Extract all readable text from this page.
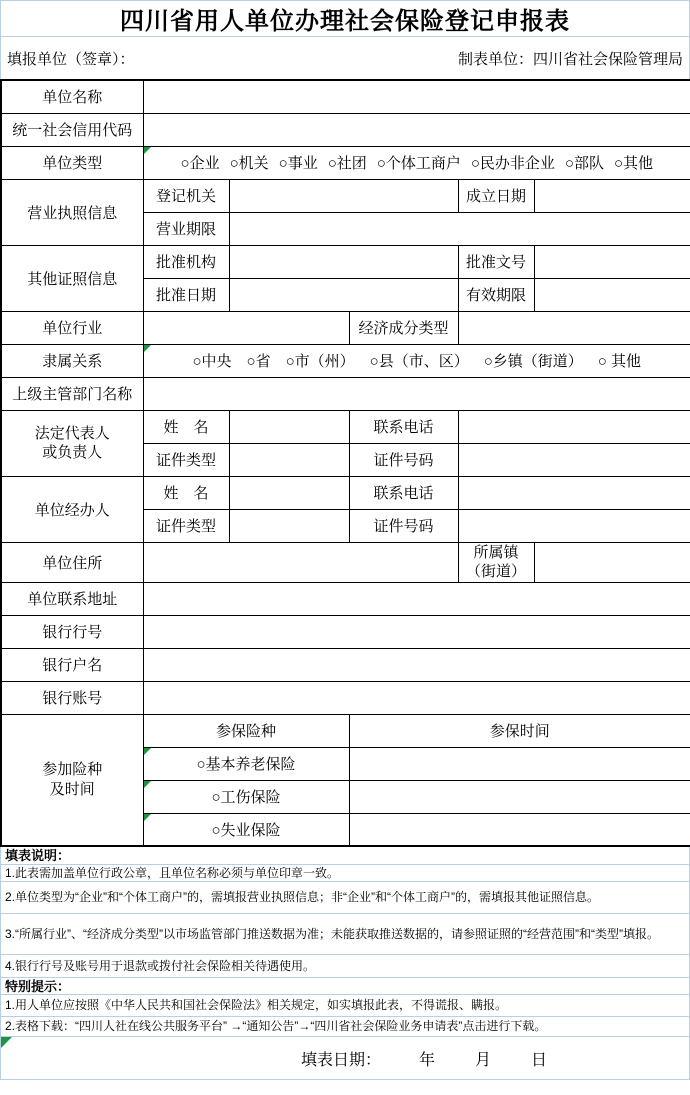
四川省用人单位办理社会保险登记申报表
填报单位（签章）：	制表单位：四川省社会保险管理局
单位名称					
统一社会信用代码					
单位类型	○企业 ○机关 ○事业 ○社团 ○个体工商户 ○民办非企业 ○部队 ○其他

营业执照信息	登记机关			成立日期	
	营业期限				
其他证照信息	批准机构			批准文号	
	批准日期			有效期限	
单位行业			经济成分类型		
隶属关系	○中央 ○省 ○市（州） ○县（市、区） ○乡镇（街道） ○ 其他

上级主管部门名称					

法定代表人
或负责人	姓　名		联系电话		
	证件类型		证件号码		
单位经办人	姓　名		联系电话		
	证件类型		证件号码		
单位住所				所属镇
（街道）	

单位联系地址					
银行行号					
银行户名					
银行账号					

参加险种
及时间	参保险种		参保时间		

○基本养老保险				

○工伤保险				

○失业保险				
填表说明：
1.此表需加盖单位行政公章，且单位名称必须与单位印章一致。
2.单位类型为“企业”和“个体工商户”的，需填报营业执照信息；非“企业”和“个体工商户”的，需填报其他证照信息。
3.“所属行业”、“经济成分类型”以市场监管部门推送数据为准；未能获取推送数据的，请参照证照的“经营范围”和“类型”填报。
4.银行行号及账号用于退款或拨付社会保险相关待遇使用。
特别提示：
1.用人单位应按照《中华人民共和国社会保险法》相关规定，如实填报此表，不得谎报、瞒报。
2.表格下载：“四川人社在线公共服务平台” →“通知公告”→“四川省社会保险业务申请表”点击进行下载。
填表日期： 年	月	日
